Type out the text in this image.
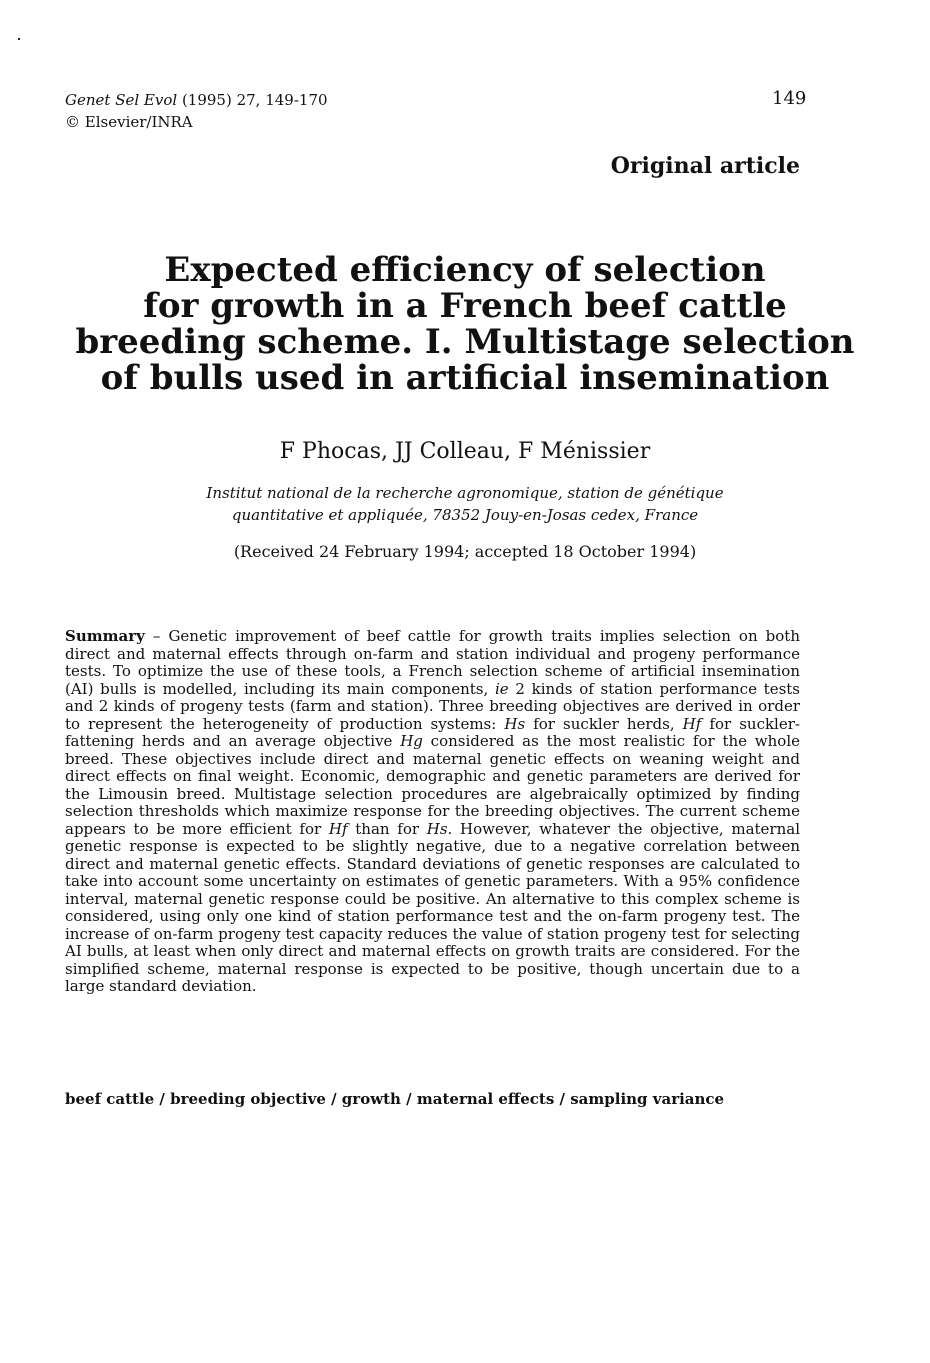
Genet Sel Evol (1995) 27, 149-170
© Elsevier/INRA
149
Original article
Expected efficiency of selection
for growth in a French beef cattle
breeding scheme. I. Multistage selection
of bulls used in artificial insemination
F Phocas, JJ Colleau, F Ménissier
Institut national de la recherche agronomique, station de génétique
quantitative et appliquée, 78352 Jouy-en-Josas cedex, France
(Received 24 February 1994; accepted 18 October 1994)

Summary – Genetic improvement of beef cattle for growth traits implies selection on both direct and maternal effects through on-farm and station individual and progeny performance tests. To optimize the use of these tools, a French selection scheme of artificial insemination (AI) bulls is modelled, including its main components, ie 2 kinds of station performance tests and 2 kinds of progeny tests (farm and station). Three breeding objectives are derived in order to represent the heterogeneity of production systems: Hs for suckler herds, Hf for suckler-fattening herds and an average objective Hg considered as the most realistic for the whole breed. These objectives include direct and maternal genetic effects on weaning weight and direct effects on final weight. Economic, demographic and genetic parameters are derived for the Limousin breed. Multistage selection procedures are algebraically optimized by finding selection thresholds which maximize response for the breeding objectives. The current scheme appears to be more efficient for Hf than for Hs. However, whatever the objective, maternal genetic response is expected to be slightly negative, due to a negative correlation between direct and maternal genetic effects. Standard deviations of genetic responses are calculated to take into account some uncertainty on estimates of genetic parameters. With a 95% confidence interval, maternal genetic response could be positive. An alternative to this complex scheme is considered, using only one kind of station performance test and the on-farm progeny test. The increase of on-farm progeny test capacity reduces the value of station progeny test for selecting AI bulls, at least when only direct and maternal effects on growth traits are considered. For the simplified scheme, maternal response is expected to be positive, though uncertain due to a large standard deviation.

beef cattle / breeding objective / growth / maternal effects / sampling variance
